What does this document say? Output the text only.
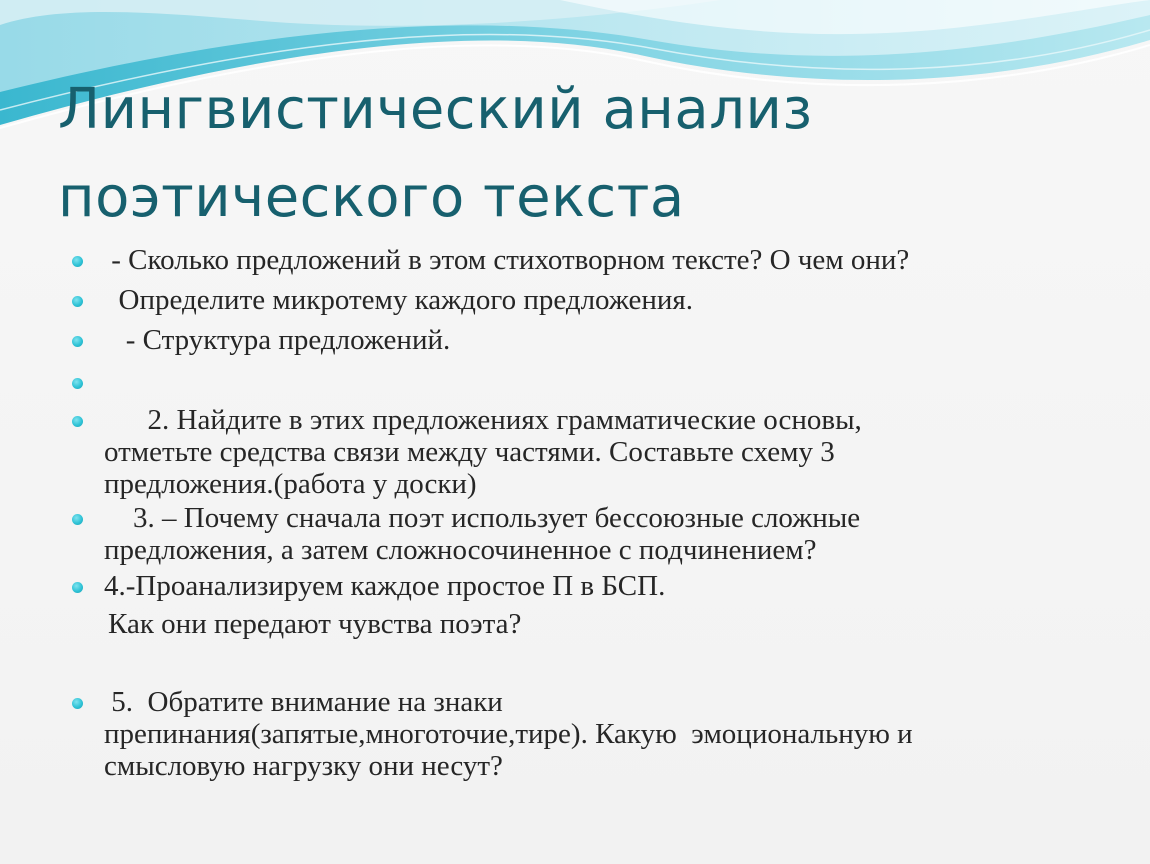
Лингвистический анализ
поэтического текста
- Сколько предложений в этом стихотворном тексте? О чем они?
Определите микротему каждого предложения.
- Структура предложений.
2. Найдите в этих предложениях грамматические основы,
отметьте средства связи между частями. Составьте схему 3
предложения.(работа у доски)
3. – Почему сначала поэт использует бессоюзные сложные
предложения, а затем сложносочиненное с подчинением?
4.-Проанализируем каждое простое П в БСП.
Как они передают чувства поэта?
5.  Обратите внимание на знаки
препинания(запятые,многоточие,тире). Какую  эмоциональную и
смысловую нагрузку они несут?
